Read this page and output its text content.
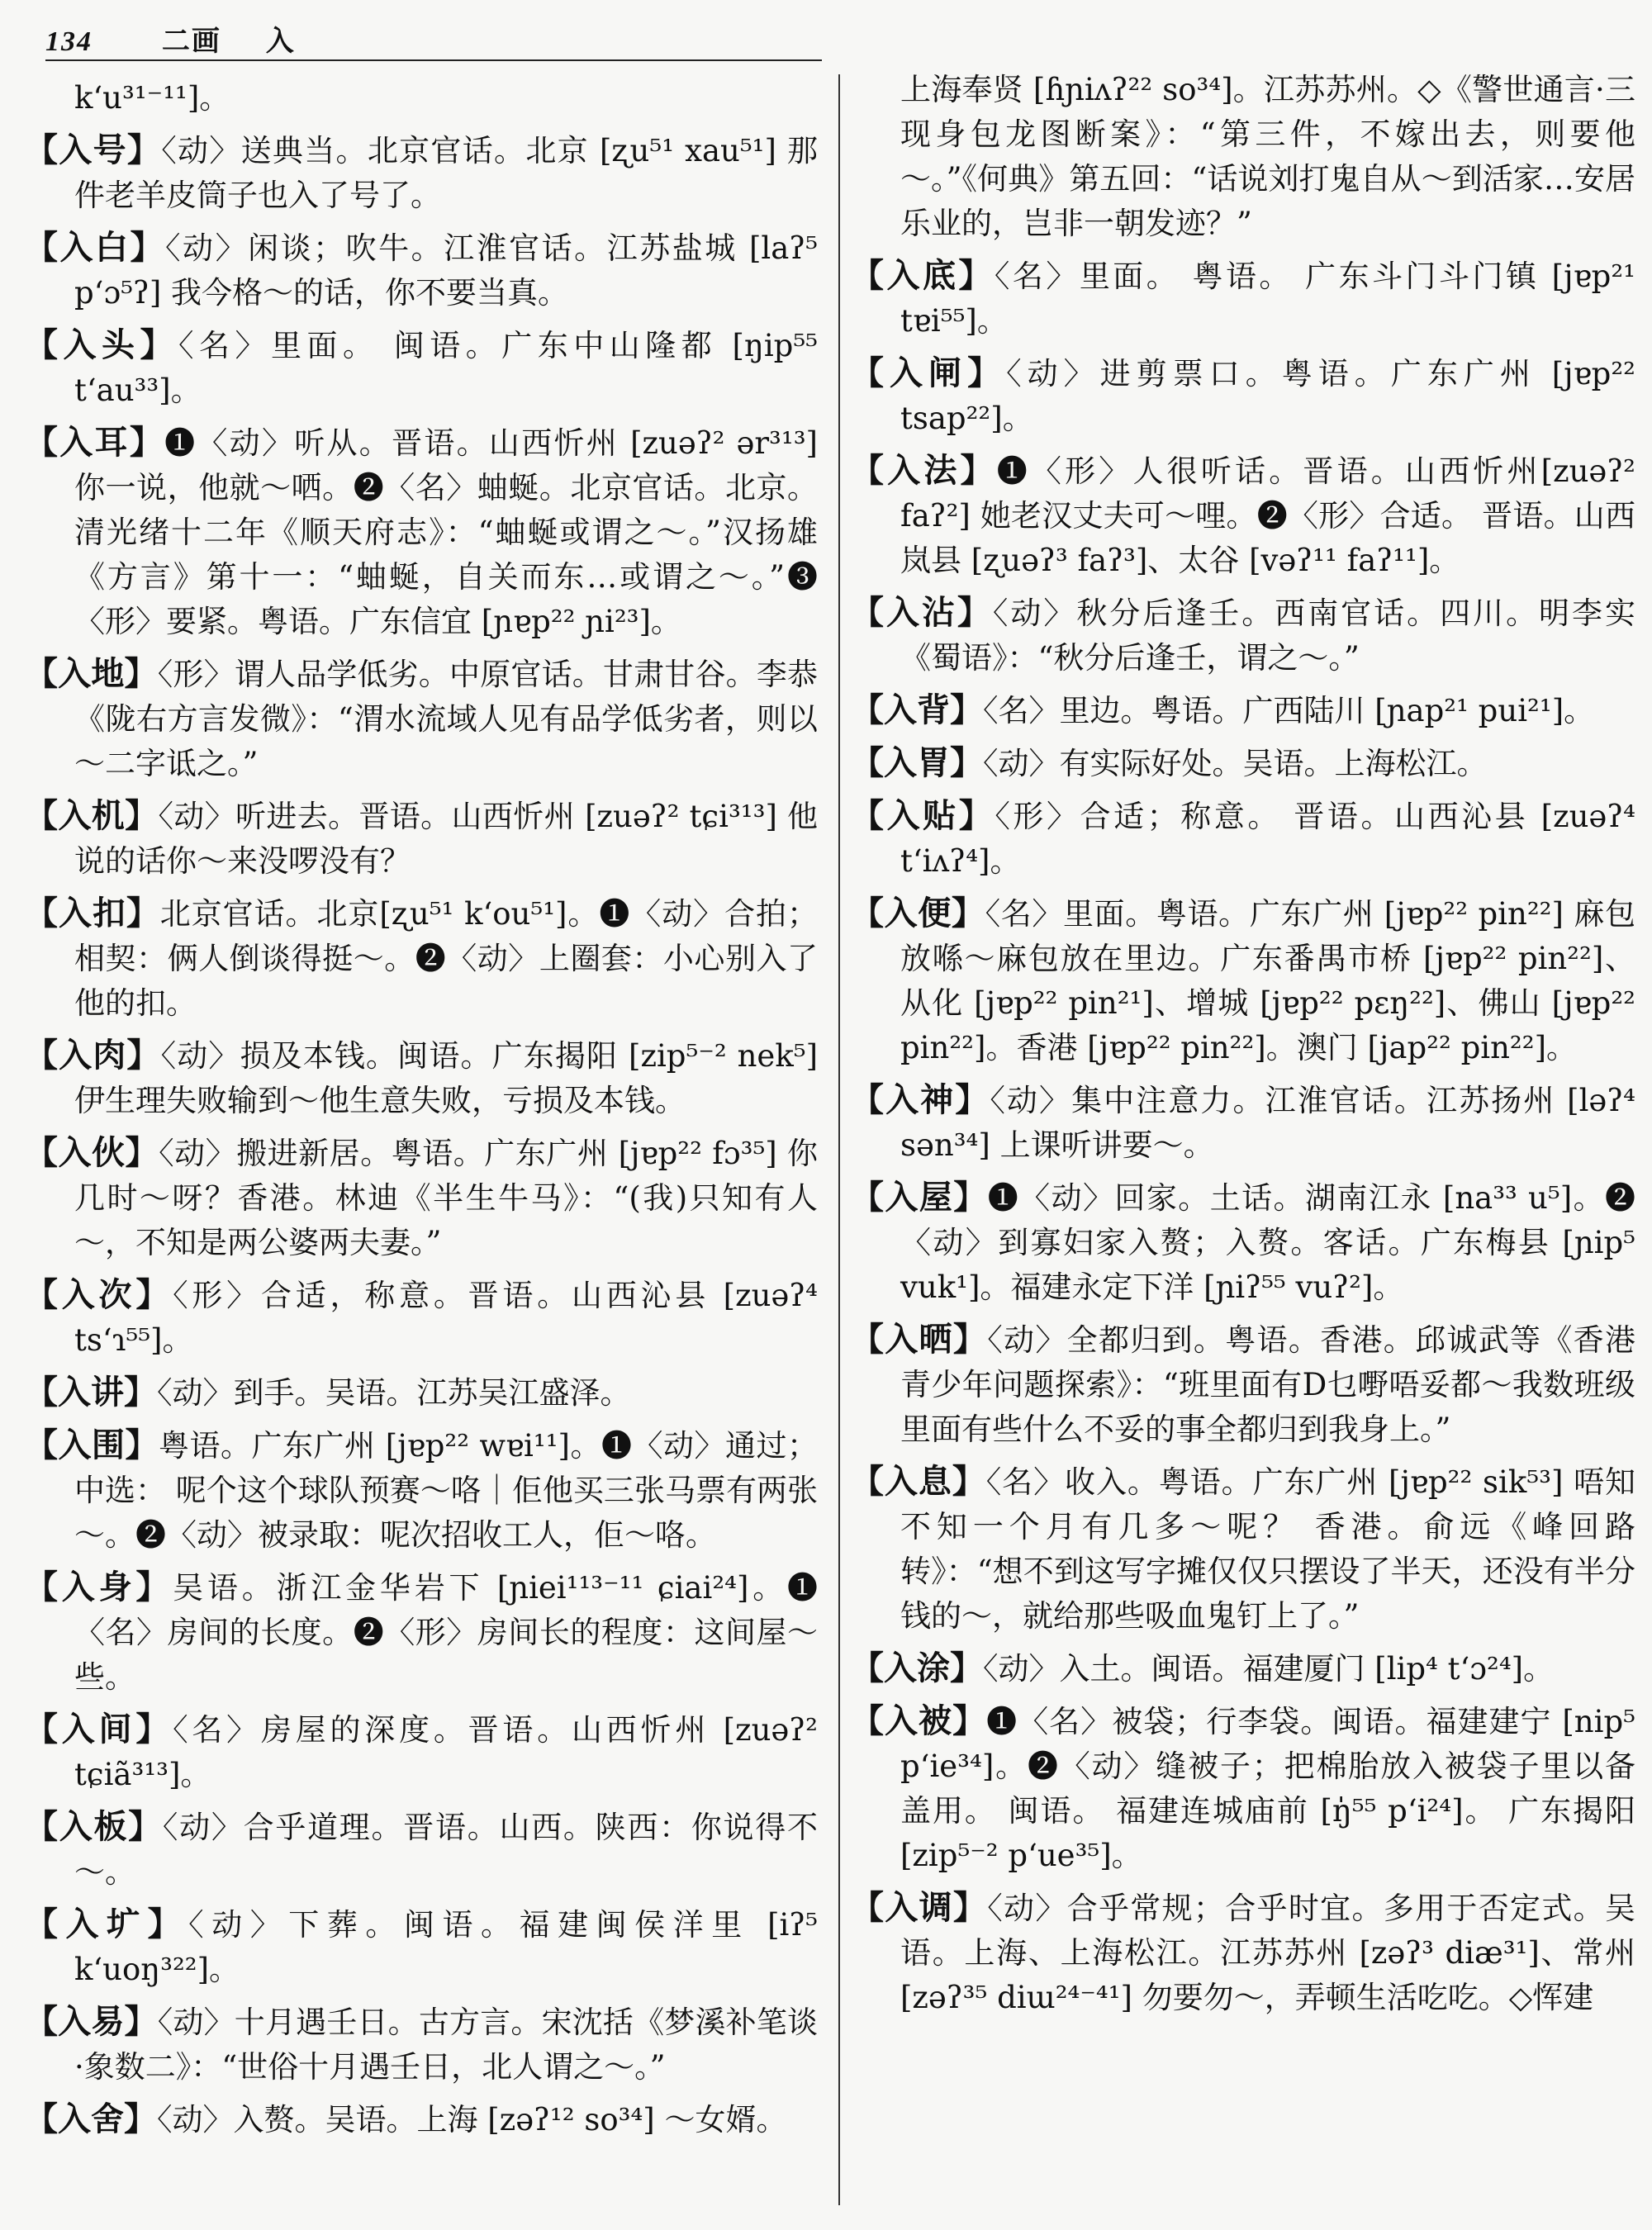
134 二画 入

k‘u³¹⁻¹¹]。

【入号】〈动〉送典当。北京官话。北京 [ʐu⁵¹ xau⁵¹] 那件老羊皮筒子也入了号了。

【入白】〈动〉闲谈；吹牛。江淮官话。江苏盐城 [laʔ⁵ p‘ɔ⁵ʔ] 我今格～的话，你不要当真。

【入头】〈名〉里面。 闽语。广东中山隆都 [ŋip⁵⁵ t‘au³³]。

【入耳】❶〈动〉听从。晋语。山西忻州 [zuəʔ² ər³¹³] 你一说，他就～哂。❷〈名〉蚰蜒。北京官话。北京。清光绪十二年《顺天府志》：“蚰蜒或谓之～。”汉扬雄《方言》第十一：“蚰蜒，自关而东…或谓之～。”❸〈形〉要紧。粤语。广东信宜 [ɲɐp²² ɲi²³]。

【入地】〈形〉谓人品学低劣。中原官话。甘肃甘谷。李恭《陇右方言发微》：“渭水流域人见有品学低劣者，则以～二字诋之。”

【入机】〈动〉听进去。晋语。山西忻州 [zuəʔ² tɕi³¹³] 他说的话你～来没啰没有？

【入扣】北京官话。北京[ʐu⁵¹ k‘ou⁵¹]。❶〈动〉合拍；相契：俩人倒谈得挺～。❷〈动〉上圈套：小心别入了他的扣。

【入肉】〈动〉损及本钱。闽语。广东揭阳 [zip⁵⁻² nek⁵] 伊生理失败输到～他生意失败，亏损及本钱。

【入伙】〈动〉搬进新居。粤语。广东广州 [jɐp²² fɔ³⁵] 你几时～呀？香港。林迪《半生牛马》：“(我)只知有人～，不知是两公婆两夫妻。”

【入次】〈形〉合适，称意。晋语。山西沁县 [zuəʔ⁴ ts‘ɿ⁵⁵]。

【入讲】〈动〉到手。吴语。江苏吴江盛泽。

【入围】粤语。广东广州 [jɐp²² wɐi¹¹]。❶〈动〉通过；中选： 呢个这个球队预赛～咯｜佢他买三张马票有两张～。❷〈动〉被录取：呢次招收工人，佢～咯。

【入身】吴语。浙江金华岩下 [ɲiei¹¹³⁻¹¹ ɕiai²⁴]。❶〈名〉房间的长度。❷〈形〉房间长的程度：这间屋～些。

【入间】〈名〉房屋的深度。晋语。山西忻州 [zuəʔ² tɕiã³¹³]。

【入板】〈动〉合乎道理。晋语。山西。陕西：你说得不～。

【入圹】〈动〉下葬。闽语。福建闽侯洋里 [iʔ⁵ k‘uoŋ³²²]。

【入易】〈动〉十月遇壬日。古方言。宋沈括《梦溪补笔谈·象数二》：“世俗十月遇壬日，北人谓之～。”

【入舍】〈动〉入赘。吴语。上海 [zəʔ¹² so³⁴] ～女婿。

上海奉贤 [ɦɲiʌʔ²² so³⁴]。江苏苏州。◇《警世通言·三现身包龙图断案》：“第三件，不嫁出去，则要他～。”《何典》第五回：“话说刘打鬼自从～到活家…安居乐业的，岂非一朝发迹？”

【入底】〈名〉里面。 粤语。 广东斗门斗门镇 [jɐp²¹ tɐi⁵⁵]。

【入闸】〈动〉进剪票口。粤语。广东广州 [jɐp²² tsap²²]。

【入法】❶〈形〉人很听话。晋语。山西忻州[zuəʔ² faʔ²] 她老汉丈夫可～哩。❷〈形〉合适。 晋语。山西岚县 [ʐuəʔ³ faʔ³]、太谷 [vəʔ¹¹ faʔ¹¹]。

【入沾】〈动〉秋分后逢壬。西南官话。四川。明李实《蜀语》：“秋分后逢壬，谓之～。”

【入背】〈名〉里边。粤语。广西陆川 [ɲap²¹ pui²¹]。

【入胃】〈动〉有实际好处。吴语。上海松江。

【入贴】〈形〉合适；称意。 晋语。山西沁县 [zuəʔ⁴ t‘iʌʔ⁴]。

【入便】〈名〉里面。粤语。广东广州 [jɐp²² pin²²] 麻包放喺～麻包放在里边。广东番禺市桥 [jɐp²² pin²²]、从化 [jɐp²² pin²¹]、增城 [jɐp²² pɛŋ²²]、佛山 [jɐp²² pin²²]。香港 [jɐp²² pin²²]。澳门 [jap²² pin²²]。

【入神】〈动〉集中注意力。江淮官话。江苏扬州 [ləʔ⁴ sən³⁴] 上课听讲要～。

【入屋】❶〈动〉回家。土话。湖南江永 [na³³ u⁵]。❷〈动〉到寡妇家入赘；入赘。客话。广东梅县 [ɲip⁵ vuk¹]。福建永定下洋 [ɲiʔ⁵⁵ vuʔ²]。

【入晒】〈动〉全都归到。粤语。香港。邱诚武等《香港青少年问题探索》：“班里面有D乜嘢唔妥都～我数班级里面有些什么不妥的事全都归到我身上。”

【入息】〈名〉收入。粤语。广东广州 [jɐp²² sik⁵³] 唔知不知一个月有几多～呢？ 香港。俞远《峰回路转》：“想不到这写字摊仅仅只摆设了半天，还没有半分钱的～，就给那些吸血鬼钉上了。”

【入涂】〈动〉入土。闽语。福建厦门 [lip⁴ t‘ɔ²⁴]。

【入被】❶〈名〉被袋；行李袋。闽语。福建建宁 [nip⁵ p‘ie³⁴]。❷〈动〉缝被子；把棉胎放入被袋子里以备盖用。 闽语。 福建连城庙前 [ŋ̍⁵⁵ p‘i²⁴]。 广东揭阳 [zip⁵⁻² p‘ue³⁵]。

【入调】〈动〉合乎常规；合乎时宜。多用于否定式。吴语。上海、上海松江。江苏苏州 [zəʔ³ diæ³¹]、常州 [zəʔ³⁵ diɯ²⁴⁻⁴¹] 勿要勿～，弄顿生活吃吃。◇恽建
